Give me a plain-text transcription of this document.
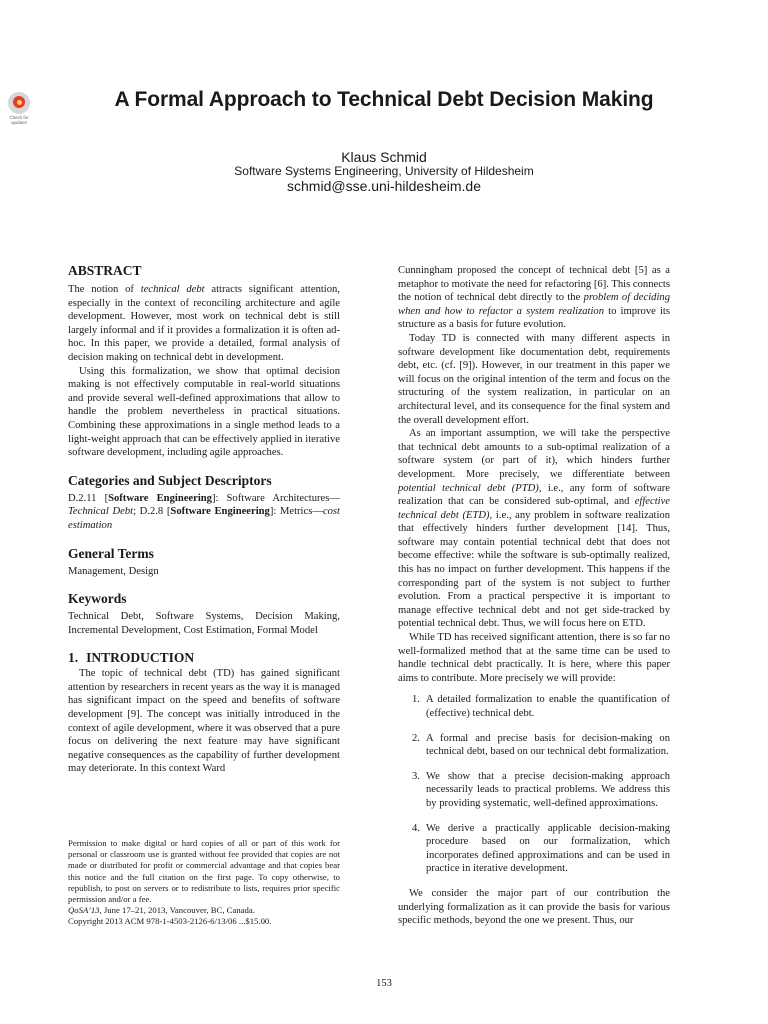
Check for updates
A Formal Approach to Technical Debt Decision Making
Klaus Schmid
Software Systems Engineering, University of Hildesheim
schmid@sse.uni-hildesheim.de
ABSTRACT

The notion of technical debt attracts significant attention, especially in the context of reconciling architecture and agile development. However, most work on technical debt is still largely informal and if it provides a formalization it is often ad-hoc. In this paper, we provide a detailed, formal analysis of decision making on technical debt in development.

Using this formalization, we show that optimal decision making is not effectively computable in real-world situations and provide several well-defined approximations that allow to handle the problem nevertheless in practical situations. Combining these approximations in a single method leads to a light-weight approach that can be effectively applied in iterative software development, including agile approaches.

Categories and Subject Descriptors

D.2.11 [Software Engineering]: Software Architectures—Technical Debt; D.2.8 [Software Engineering]: Metrics—cost estimation

General Terms

Management, Design

Keywords

Technical Debt, Software Systems, Decision Making, Incremental Development, Cost Estimation, Formal Model

1. INTRODUCTION

The topic of technical debt (TD) has gained significant attention by researchers in recent years as the way it is managed has significant impact on the speed and benefits of software development [9]. The concept was initially introduced in the context of agile development, where it was observed that a pure focus on delivering the next feature may have significant negative consequences as the capability of further development may deteriorate. In this context Ward

Permission to make digital or hard copies of all or part of this work for personal or classroom use is granted without fee provided that copies are not made or distributed for profit or commercial advantage and that copies bear this notice and the full citation on the first page. To copy otherwise, to republish, to post on servers or to redistribute to lists, requires prior specific permission and/or a fee.

QoSA’13, June 17–21, 2013, Vancouver, BC, Canada.

Copyright 2013 ACM 978-1-4503-2126-6/13/06 ...$15.00.

Cunningham proposed the concept of technical debt [5] as a metaphor to motivate the need for refactoring [6]. This connects the notion of technical debt directly to the problem of deciding when and how to refactor a system realization to improve its structure as a basis for future evolution.

Today TD is connected with many different aspects in software development like documentation debt, requirements debt, etc. (cf. [9]). However, in our treatment in this paper we will focus on the original intention of the term and focus on the structuring of the system realization, in particular on an architectural level, and its consequence for the final system and the overall development effort.

As an important assumption, we will take the perspective that technical debt amounts to a sub-optimal realization of a software system (or part of it), which hinders further development. More precisely, we differentiate between potential technical debt (PTD), i.e., any form of software realization that can be considered sub-optimal, and effective technical debt (ETD), i.e., any problem in software realization that effectively hinders further development [14]. Thus, software may contain potential technical debt that does not become effective: while the software is sub-optimally realized, this has no impact on further development. This happens if the corresponding part of the system is not subject to further evolution. From a practical perspective it is important to manage effective technical debt and not get side-tracked by potential technical debt. Thus, we will focus here on ETD.

While TD has received significant attention, there is so far no well-formalized method that at the same time can be used to handle technical debt practically. It is here, where this paper aims to contribute. More precisely we will provide:

1. A detailed formalization to enable the quantification of (effective) technical debt.
2. A formal and precise basis for decision-making on technical debt, based on our technical debt formalization.
3. We show that a precise decision-making approach necessarily leads to practical problems. We address this by providing systematic, well-defined approximations.
4. We derive a practically applicable decision-making procedure based on our formalization, which incorporates defined approximations and can be used in practice in iterative development.

We consider the major part of our contribution the underlying formalization as it can provide the basis for various specific methods, beyond the one we present. Thus, our

153
